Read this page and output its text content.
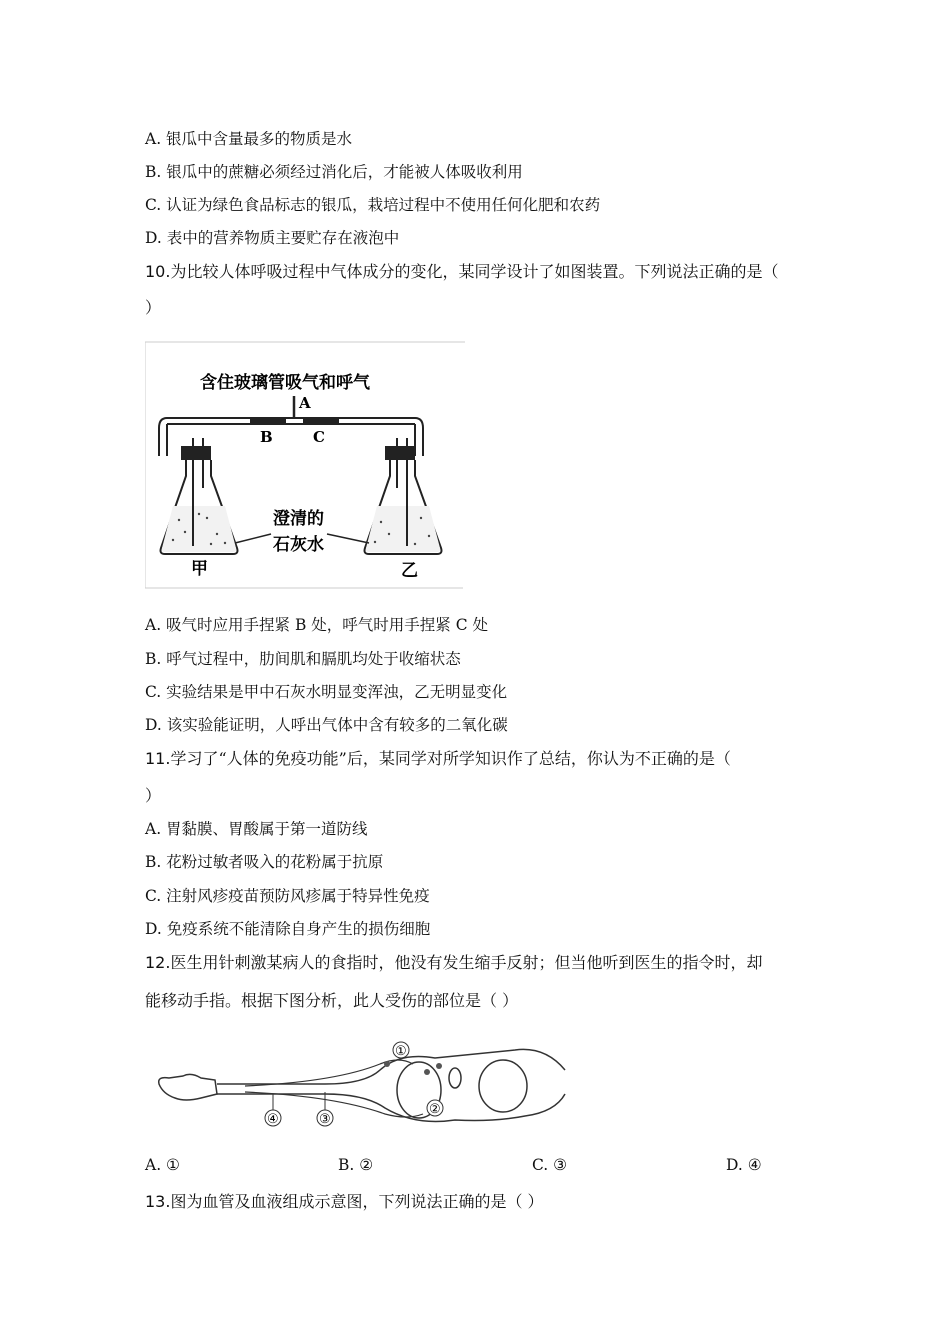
A. 银瓜中含量最多的物质是水
B. 银瓜中的蔗糖必须经过消化后，才能被人体吸收利用
C. 认证为绿色食品标志的银瓜，栽培过程中不使用任何化肥和农药
D. 表中的营养物质主要贮存在液泡中
10.为比较人体呼吸过程中气体成分的变化，某同学设计了如图装置。下列说法正确的是（
）
含住玻璃管吸气和呼气
A
B	C
澄清的
石灰水
甲	乙
A. 吸气时应用手捏紧 B 处，呼气时用手捏紧 C 处
B. 呼气过程中，肋间肌和膈肌均处于收缩状态
C. 实验结果是甲中石灰水明显变浑浊，乙无明显变化
D. 该实验能证明，人呼出气体中含有较多的二氧化碳
11.学习了“人体的免疫功能”后，某同学对所学知识作了总结，你认为不正确的是（
）
A. 胃黏膜、胃酸属于第一道防线
B. 花粉过敏者吸入的花粉属于抗原
C. 注射风疹疫苗预防风疹属于特异性免疫
D. 免疫系统不能清除自身产生的损伤细胞
12.医生用针刺激某病人的食指时，他没有发生缩手反射；但当他听到医生的指令时，却
能移动手指。根据下图分析，此人受伤的部位是（ ）
①
②
③
④
A. ①	B. ②	C. ③	D. ④
13.图为血管及血液组成示意图，下列说法正确的是（ ）
